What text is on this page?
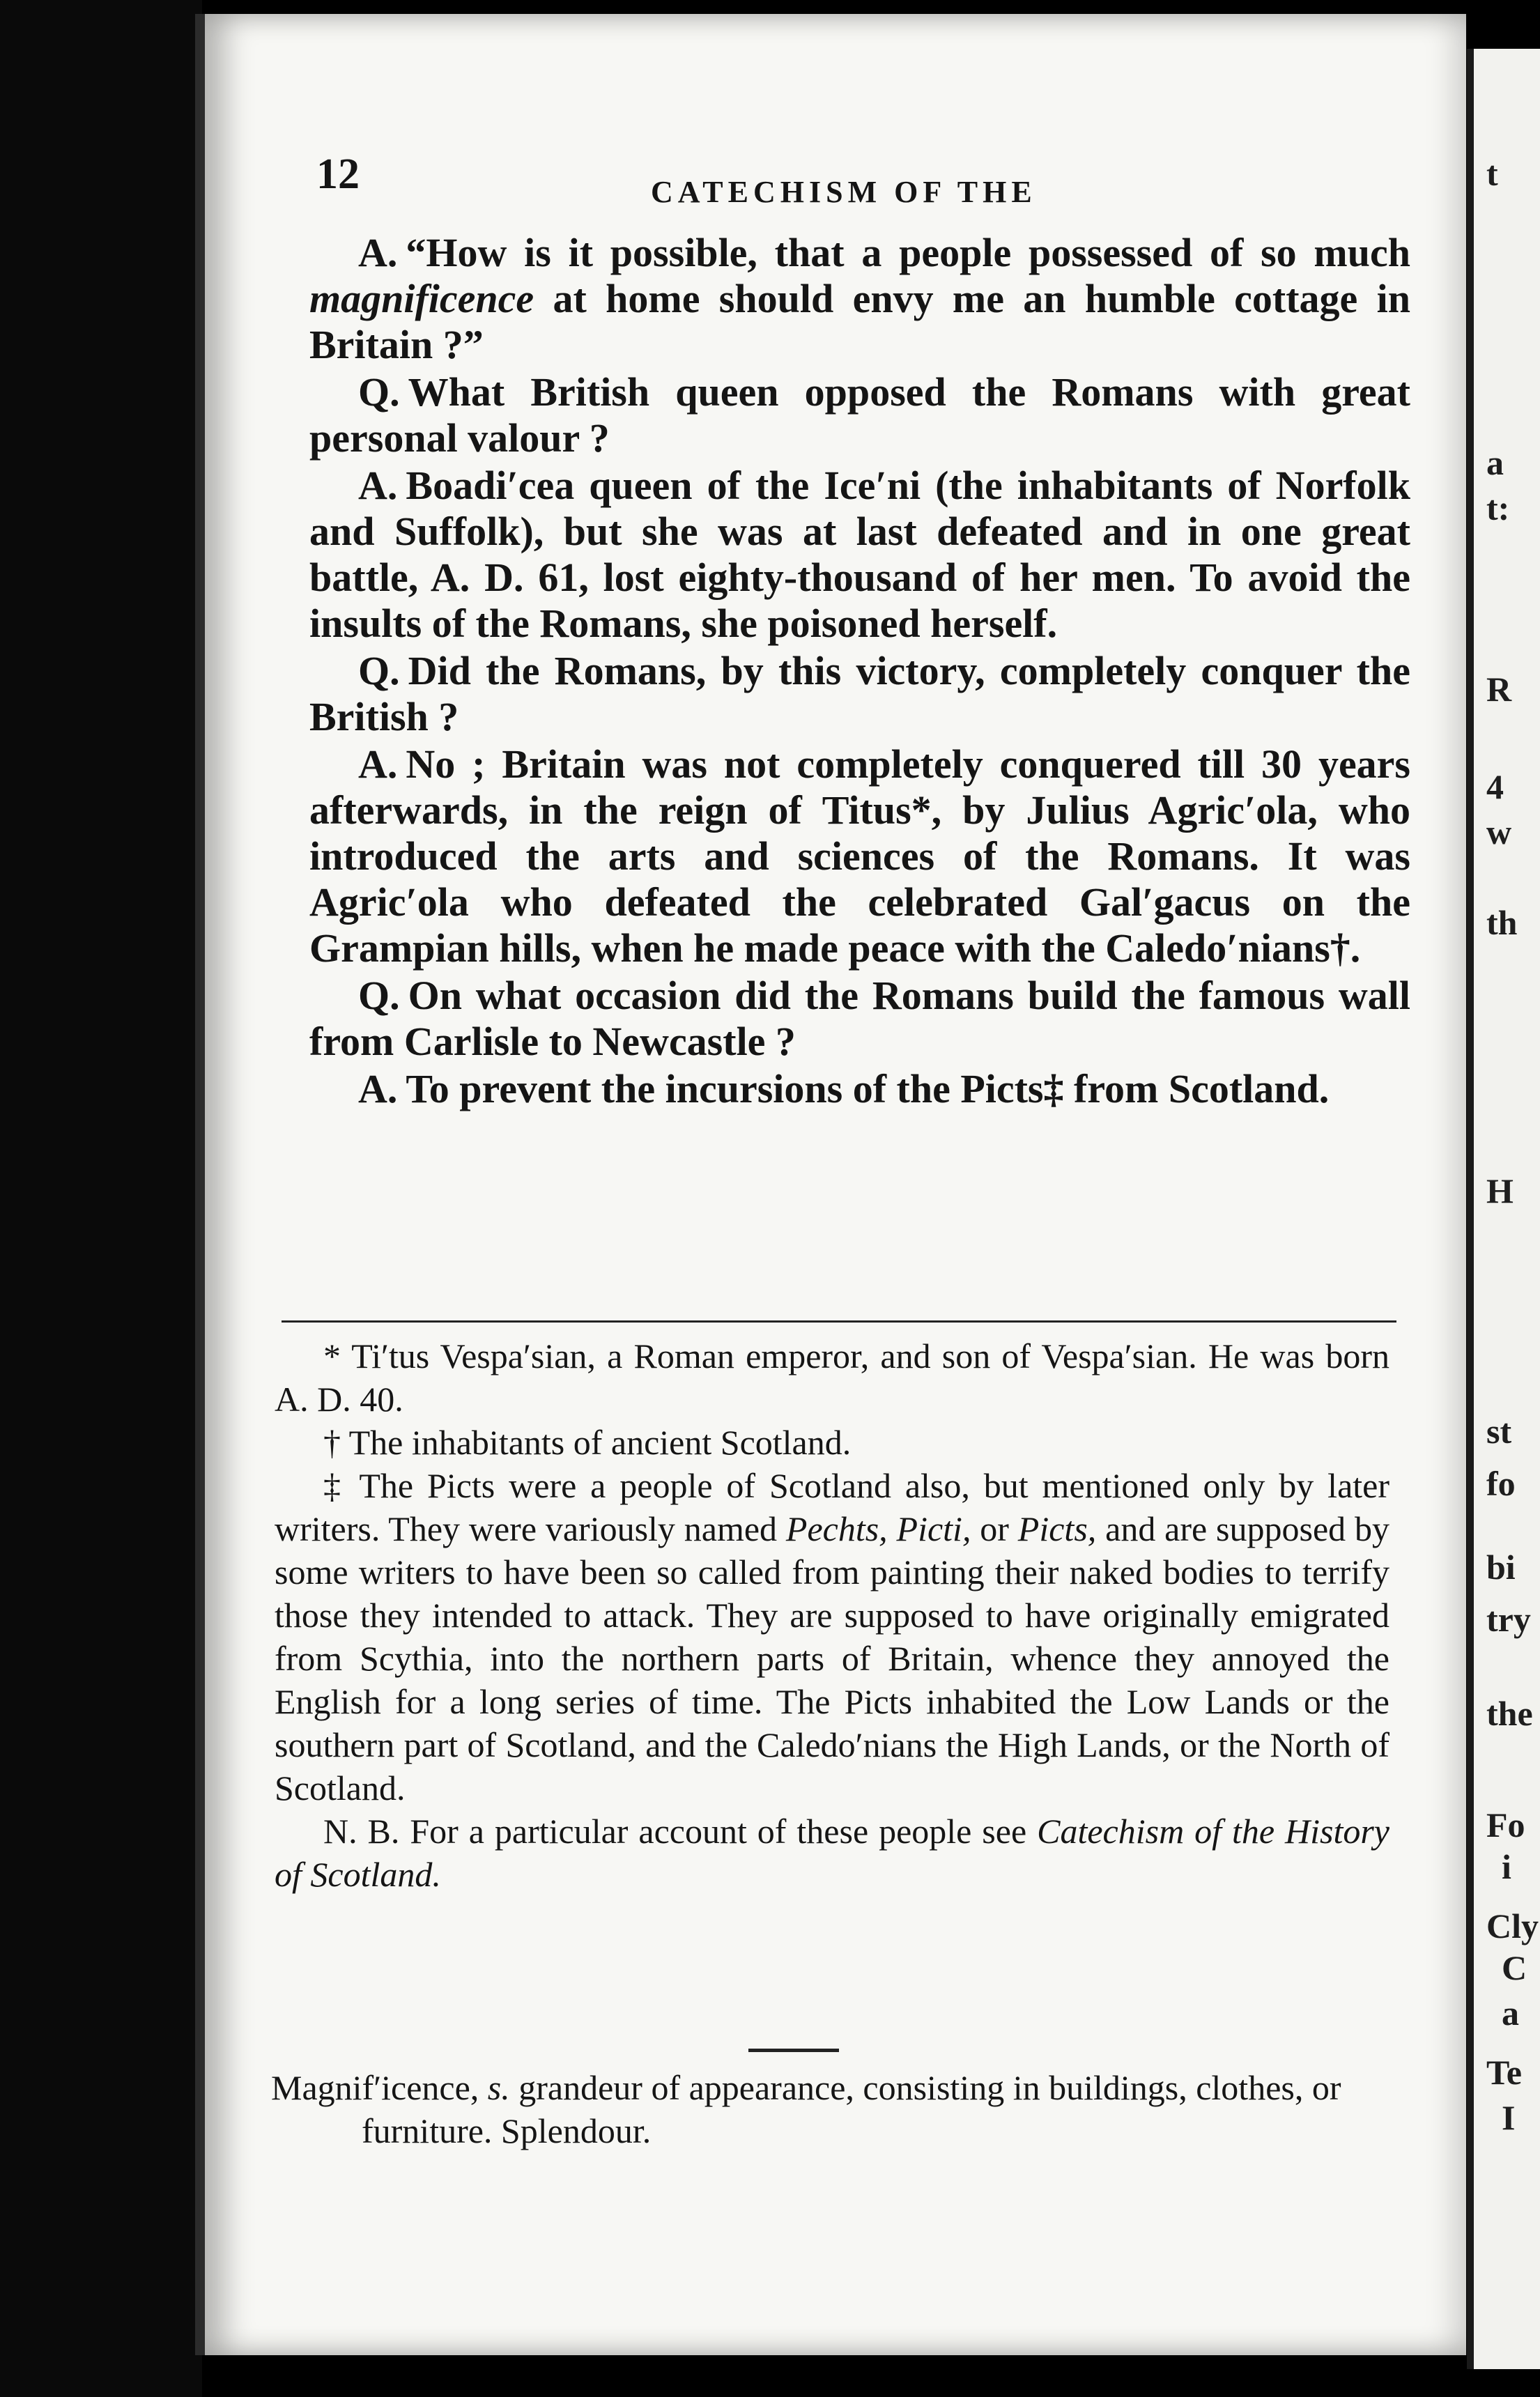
12	CATECHISM OF THE

A. “How is it possible, that a people possessed of so much magnificence at home should envy me an humble cottage in Britain ?”

Q. What British queen opposed the Romans with great personal valour ?

A. Boadi′cea queen of the Ice′ni (the inhabitants of Norfolk and Suffolk), but she was at last defeated and in one great battle, A. D. 61, lost eighty-thousand of her men. To avoid the insults of the Romans, she poisoned herself.

Q. Did the Romans, by this victory, completely conquer the British ?

A. No ; Britain was not completely conquered till 30 years afterwards, in the reign of Titus*, by Julius Agric′ola, who introduced the arts and sciences of the Romans. It was Agric′ola who defeated the celebrated Gal′gacus on the Grampian hills, when he made peace with the Caledo′nians†.

Q. On what occasion did the Romans build the famous wall from Carlisle to Newcastle ?

A. To prevent the incursions of the Picts‡ from Scotland.

* Ti′tus Vespa′sian, a Roman emperor, and son of Vespa′sian. He was born A. D. 40.

† The inhabitants of ancient Scotland.

‡ The Picts were a people of Scotland also, but mentioned only by later writers. They were variously named Pechts, Picti, or Picts, and are supposed by some writers to have been so called from painting their naked bodies to terrify those they intended to attack. They are supposed to have originally emigrated from Scythia, into the northern parts of Britain, whence they annoyed the English for a long series of time. The Picts inhabited the Low Lands or the southern part of Scotland, and the Caledo′nians the High Lands, or the North of Scotland.

N. B. For a particular account of these people see Catechism of the History of Scotland.

Magnif′icence, s. grandeur of appearance, consisting in buildings, clothes, or furniture. Splendour.

t
a
t:
R
4
w
th
H
st
fo
bi
try
the
Fo
i
Cly
C
a
Te
I
